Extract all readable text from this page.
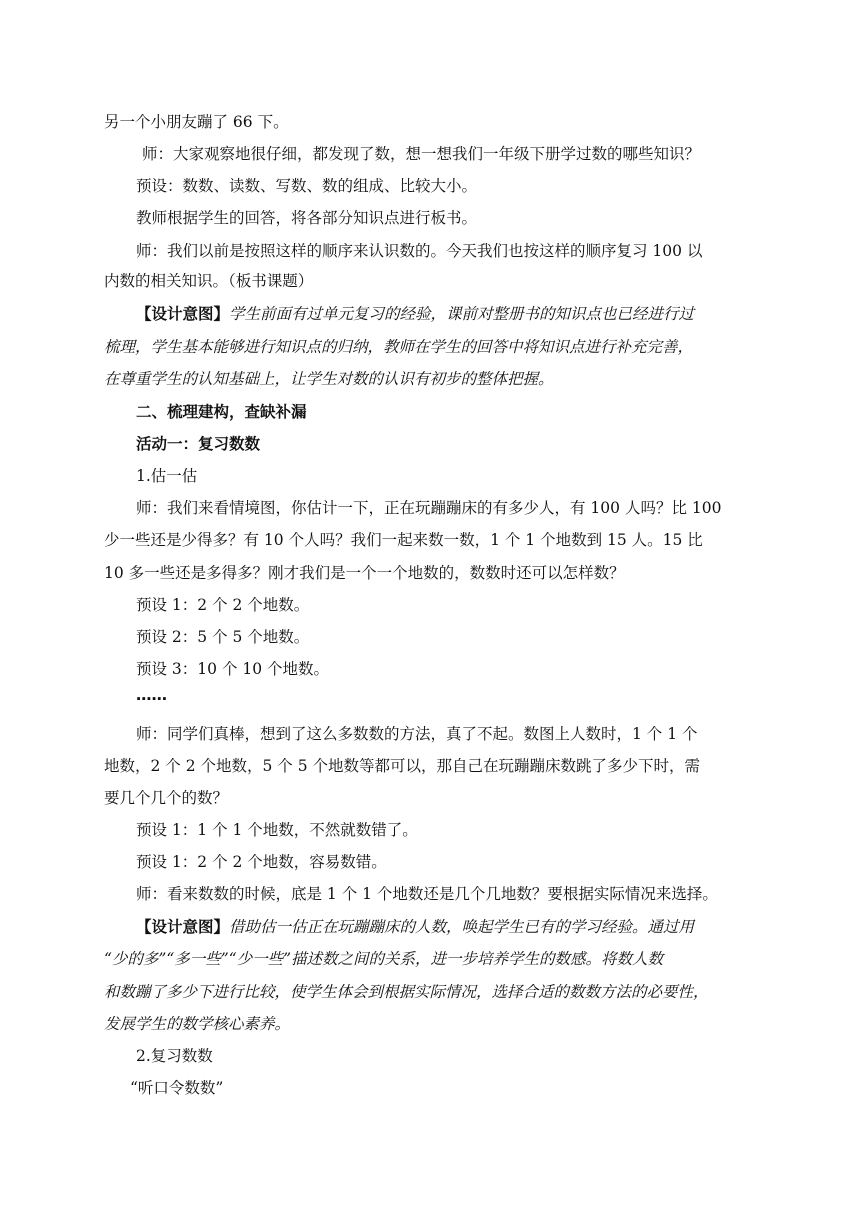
另一个小朋友蹦了 66 下。
师：大家观察地很仔细，都发现了数，想一想我们一年级下册学过数的哪些知识？
预设：数数、读数、写数、数的组成、比较大小。
教师根据学生的回答，将各部分知识点进行板书。
师：我们以前是按照这样的顺序来认识数的。今天我们也按这样的顺序复习 100 以
内数的相关知识。（板书课题）
【设计意图】学生前面有过单元复习的经验，课前对整册书的知识点也已经进行过
梳理，学生基本能够进行知识点的归纳，教师在学生的回答中将知识点进行补充完善，
在尊重学生的认知基础上，让学生对数的认识有初步的整体把握。
二、梳理建构，查缺补漏
活动一：复习数数
1.估一估
师：我们来看情境图，你估计一下，正在玩蹦蹦床的有多少人，有 100 人吗？比 100
少一些还是少得多？有 10 个人吗？我们一起来数一数，1 个 1 个地数到 15 人。15 比
10 多一些还是多得多？刚才我们是一个一个地数的，数数时还可以怎样数？
预设 1：2 个 2 个地数。
预设 2：5 个 5 个地数。
预设 3：10 个 10 个地数。
……
师：同学们真棒，想到了这么多数数的方法，真了不起。数图上人数时，1 个 1 个
地数，2 个 2 个地数，5 个 5 个地数等都可以，那自己在玩蹦蹦床数跳了多少下时，需
要几个几个的数？
预设 1：1 个 1 个地数，不然就数错了。
预设 1：2 个 2 个地数，容易数错。
师：看来数数的时候，底是 1 个 1 个地数还是几个几地数？要根据实际情况来选择。
【设计意图】借助估一估正在玩蹦蹦床的人数，唤起学生已有的学习经验。通过用
“少的多”“多一些”“少一些”描述数之间的关系，进一步培养学生的数感。将数人数
和数蹦了多少下进行比较，使学生体会到根据实际情况，选择合适的数数方法的必要性，
发展学生的数学核心素养。
2.复习数数
“听口令数数”
